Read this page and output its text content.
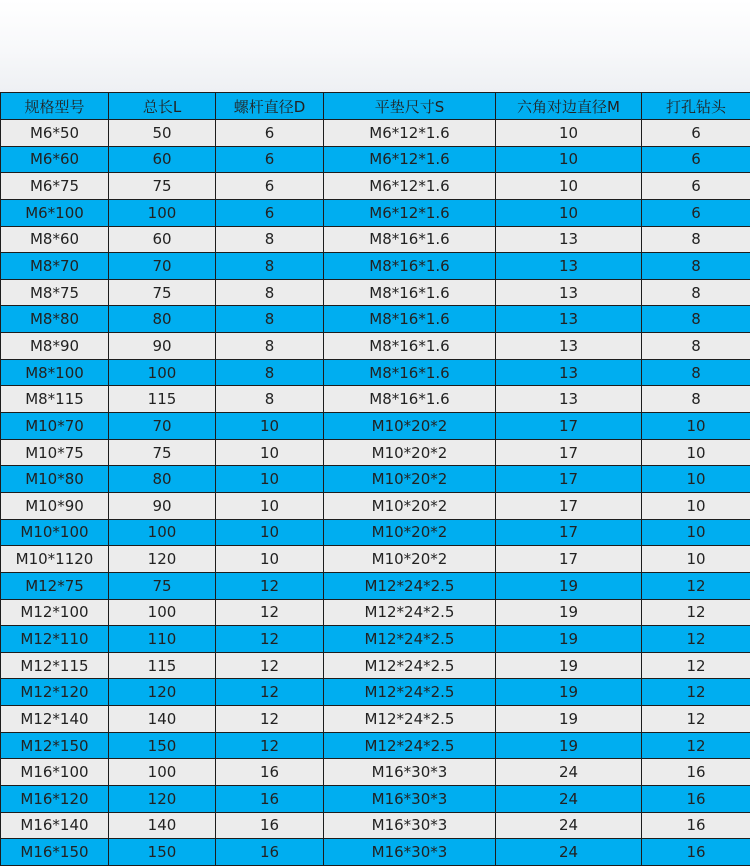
规格型号	总长L	螺杆直径D	平垫尺寸S	六角对边直径M	打孔钻头
M6*50	50	6	M6*12*1.6	10	6
M6*60	60	6	M6*12*1.6	10	6
M6*75	75	6	M6*12*1.6	10	6
M6*100	100	6	M6*12*1.6	10	6
M8*60	60	8	M8*16*1.6	13	8
M8*70	70	8	M8*16*1.6	13	8
M8*75	75	8	M8*16*1.6	13	8
M8*80	80	8	M8*16*1.6	13	8
M8*90	90	8	M8*16*1.6	13	8
M8*100	100	8	M8*16*1.6	13	8
M8*115	115	8	M8*16*1.6	13	8
M10*70	70	10	M10*20*2	17	10
M10*75	75	10	M10*20*2	17	10
M10*80	80	10	M10*20*2	17	10
M10*90	90	10	M10*20*2	17	10
M10*100	100	10	M10*20*2	17	10
M10*1120	120	10	M10*20*2	17	10
M12*75	75	12	M12*24*2.5	19	12
M12*100	100	12	M12*24*2.5	19	12
M12*110	110	12	M12*24*2.5	19	12
M12*115	115	12	M12*24*2.5	19	12
M12*120	120	12	M12*24*2.5	19	12
M12*140	140	12	M12*24*2.5	19	12
M12*150	150	12	M12*24*2.5	19	12
M16*100	100	16	M16*30*3	24	16
M16*120	120	16	M16*30*3	24	16
M16*140	140	16	M16*30*3	24	16
M16*150	150	16	M16*30*3	24	16
